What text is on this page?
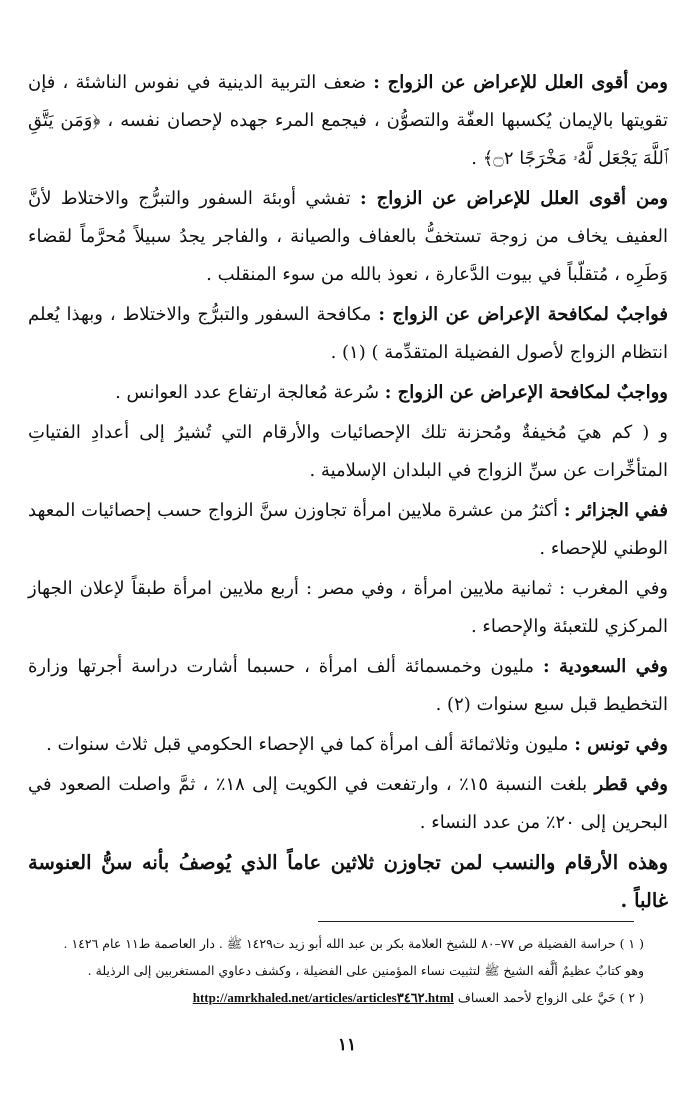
ومن أقوى العلل للإعراض عن الزواج : ضعف التربية الدينية في نفوس الناشئة ، فإن تقويتها بالإيمان يُكسبها العفّة والتصوُّن ، فيجمع المرء جهده لإحصان نفسه ، ﴿وَمَن يَتَّقِ ٱللَّهَ يَجْعَل لَّهُۥ مَخْرَجًا ۝٢﴾ .

ومن أقوى العلل للإعراض عن الزواج : تفشي أوبئة السفور والتبرُّج والاختلاط لأنَّ العفيف يخاف من زوجة تستخفُّ بالعفاف والصيانة ، والفاجر يجدُ سبيلاً مُحرَّماً لقضاء وَطَرِه ، مُتقلّباً في بيوت الدَّعارة ، نعوذ بالله من سوء المنقلب .

فواجبٌ لمكافحة الإعراض عن الزواج : مكافحة السفور والتبرُّج والاختلاط ، وبهذا يُعلم انتظام الزواج لأصول الفضيلة المتقدِّمة ) (١) .

وواجبٌ لمكافحة الإعراض عن الزواج : سُرعة مُعالجة ارتفاع عدد العوانس .

و ( كم هيَ مُخيفةٌ ومُحزنة تلك الإحصائيات والأرقام التي تُشيرُ إلى أعدادِ الفتياتِ المتأخِّرات عن سنِّ الزواج في البلدان الإسلامية .

ففي الجزائر : أكثرُ من عشرة ملايين امرأة تجاوزن سنَّ الزواج حسب إحصائيات المعهد الوطني للإحصاء .

وفي المغرب : ثمانية ملايين امرأة ، وفي مصر : أربع ملايين امرأة طبقاً لإعلان الجهاز المركزي للتعبئة والإحصاء .

وفي السعودية : مليون وخمسمائة ألف امرأة ، حسبما أشارت دراسة أجرتها وزارة التخطيط قبل سبع سنوات (٢) .

وفي تونس : مليون وثلاثمائة ألف امرأة كما في الإحصاء الحكومي قبل ثلاث سنوات .

وفي قطر بلغت النسبة ١٥٪ ، وارتفعت في الكويت إلى ١٨٪ ، ثمَّ واصلت الصعود في البحرين إلى ٢٠٪ من عدد النساء .

وهذه الأرقام والنسب لمن تجاوزن ثلاثين عاماً الذي يُوصفُ بأنه سنُّ العنوسة غالباً .

( ١ ) حراسة الفضيلة ص ٧٧–٨٠ للشيخ العلامة بكر بن عبد الله أبو زيد ت١٤٢٩ ﷺ . دار العاصمة ط١١ عام ١٤٢٦ .

وهو كتابٌ عظيمٌ ألَّفه الشيخ ﷺ لتثبيت نساء المؤمنين على الفضيلة ، وكشف دعاوي المستغربين إلى الرذيلة .

( ٢ ) حَيَّ على الزواج لأحمد العساف http://amrkhaled.net/articles/articles٣٤٦٢.html

١١
